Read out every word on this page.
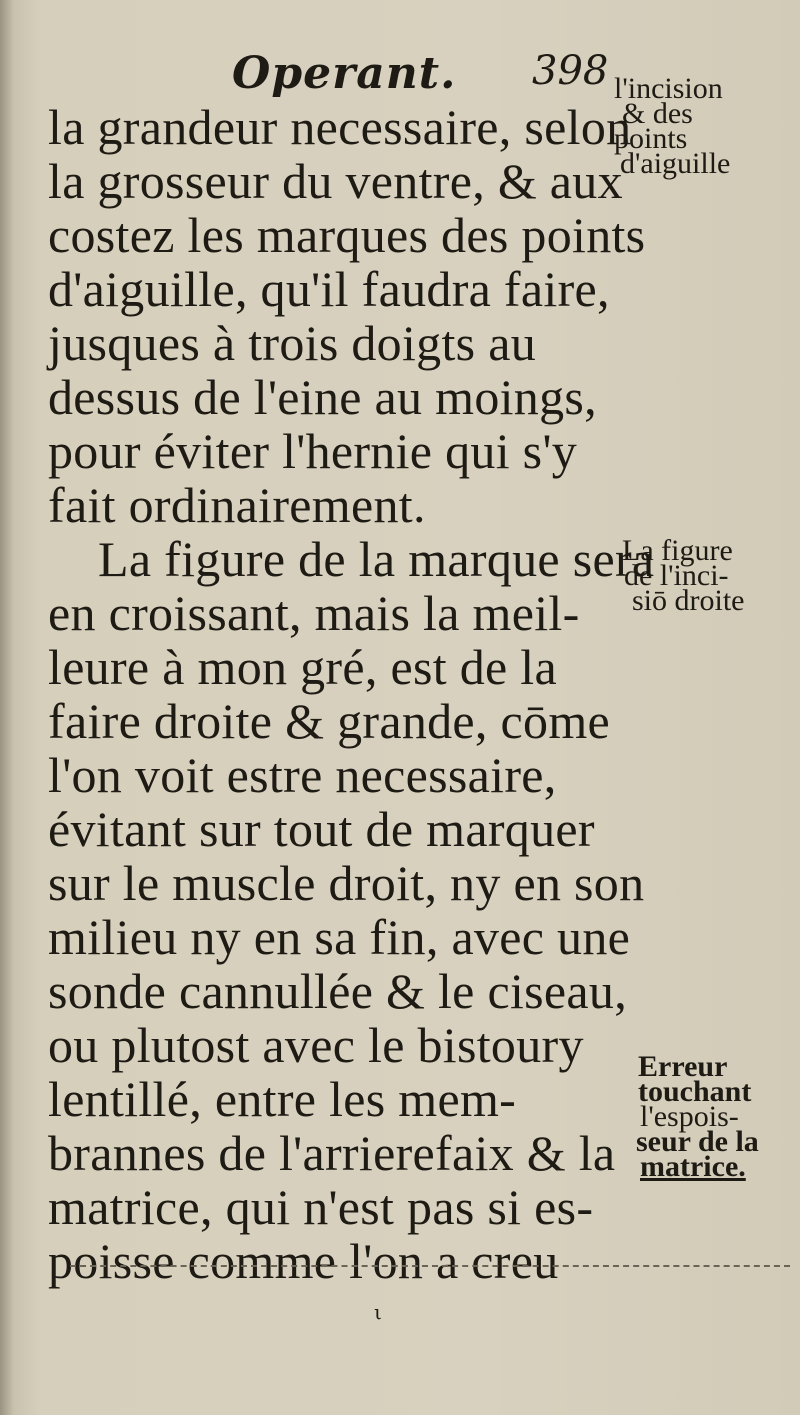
Operant. 398 l'incision
& des
points
d'aiguille
la grandeur necessaire, selon
la grosseur du ventre, & aux
costez les marques des points
d'aiguille, qu'il faudra faire,
jusques à trois doigts au
dessus de l'eine au moings,
pour éviter l'hernie qui s'y
fait ordinairement.
La figure de la marque sera
en croissant, mais la meil-
leure à mon gré, est de la
faire droite & grande, cōme
l'on voit estre necessaire,
évitant sur tout de marquer
sur le muscle droit, ny en son
milieu ny en sa fin, avec une
sonde cannullée & le ciseau,
ou plutost avec le bistoury
lentillé, entre les mem-
brannes de l'arrierefaix & la
matrice, qui n'est pas si es-
poisse comme l'on a creu
La figure
de l'inci-
siō droite
Erreur
touchant
l'espois-
seur de la
matrice.
ι
